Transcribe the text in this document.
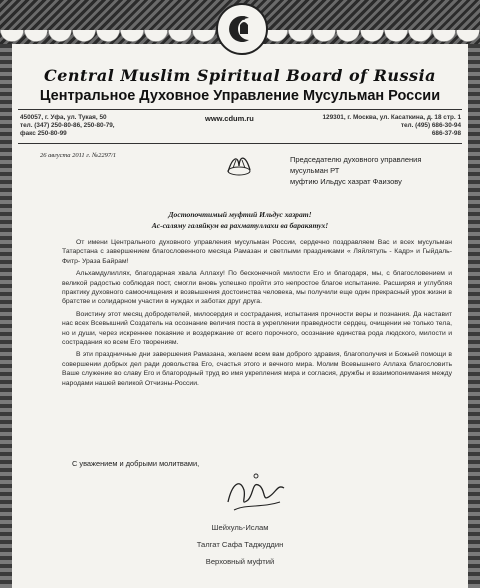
Central Muslim Spiritual Board of Russia
Центральное Духовное Управление Мусульман России
450057, г. Уфа, ул. Тукая, 50
тел. (347) 250-80-86, 250-80-79,
факс 250-80-99
www.cdum.ru	129301, г. Москва, ул. Касаткина, д. 18 стр. 1
тел. (495) 686-30-94
686-37-98
26 августа 2011 г. №2297/1	Председателю духовного управления
мусульман РТ
муфтию Ильдус хазрат Фаизову
Достопочтимый муфтий Ильдус хазрат!
Ас-саляму галяйкум ва рахматуллахи ва баракятух!

От имени Центрального духовного управления мусульман России, сердечно поздравляем Вас и всех мусульман Татарстана с завершением благословенного месяца Рамазан и светлыми праздниками « Ляйлятуль - Кадр» и Гыйдаль-Фитр- Ураза Байрам!

Альхамдулиллях, благодарная хвала Аллаху! По бесконечной милости Его и благодаря, мы, с благословением и великой радостью соблюдая пост, смогли вновь успешно пройти это непростое благое испытание. Расширяя и углубляя практику духовного самоочищения и возвышения достоинства человека, мы получили еще один прекрасный урок жизни в братстве и солидарном участии в нуждах и заботах друг друга.

Воистину этот месяц добродетелей, милосердия и сострадания, испытания прочности веры и познания. Да наставит нас всех Всевышний Создатель на осознание величия поста в укреплении праведности сердец, очищении не только тела, но и души, через искреннее покаяние и воздержание от всего порочного, осознание единства рода людского, милости и сострадания ко всем Его творениям.

В эти праздничные дни завершения Рамазана, желаем всем вам доброго здравия, благополучия и Божьей помощи в совершении добрых дел ради довольства Его, счастья этого и вечного мира. Молим Всевышнего Аллаха благословить Ваше служение во славу Его и благородный труд во имя укрепления мира и согласия, дружбы и взаимопонимания между народами нашей великой Отчизны-России.

С уважением и добрыми молитвами,
Шейхуль-Ислам
Талгат Сафа Таджуддин
Верховный муфтий
